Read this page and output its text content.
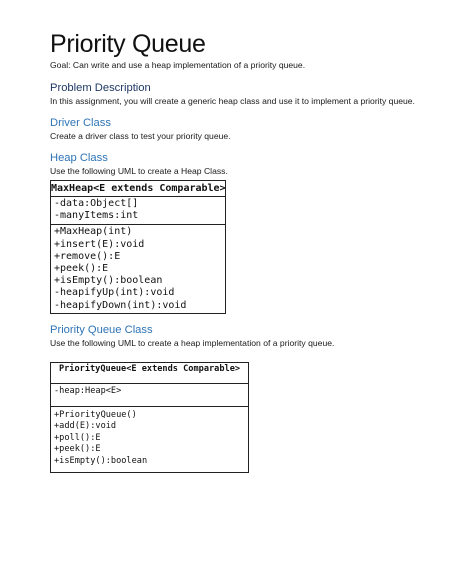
Priority Queue
Goal: Can write and use a heap implementation of a priority queue.
Problem Description
In this assignment, you will create a generic heap class and use it to implement a priority queue.
Driver Class
Create a driver class to test your priority queue.
Heap Class
Use the following UML to create a Heap Class.
MaxHeap<E extends Comparable>
-data:Object[]
-manyItems:int
+MaxHeap(int)
+insert(E):void
+remove():E
+peek():E
+isEmpty():boolean
-heapifyUp(int):void
-heapifyDown(int):void
Priority Queue Class
Use the following UML to create a heap implementation of a priority queue.
PriorityQueue<E extends Comparable>
-heap:Heap<E>
+PriorityQueue()
+add(E):void
+poll():E
+peek():E
+isEmpty():boolean
